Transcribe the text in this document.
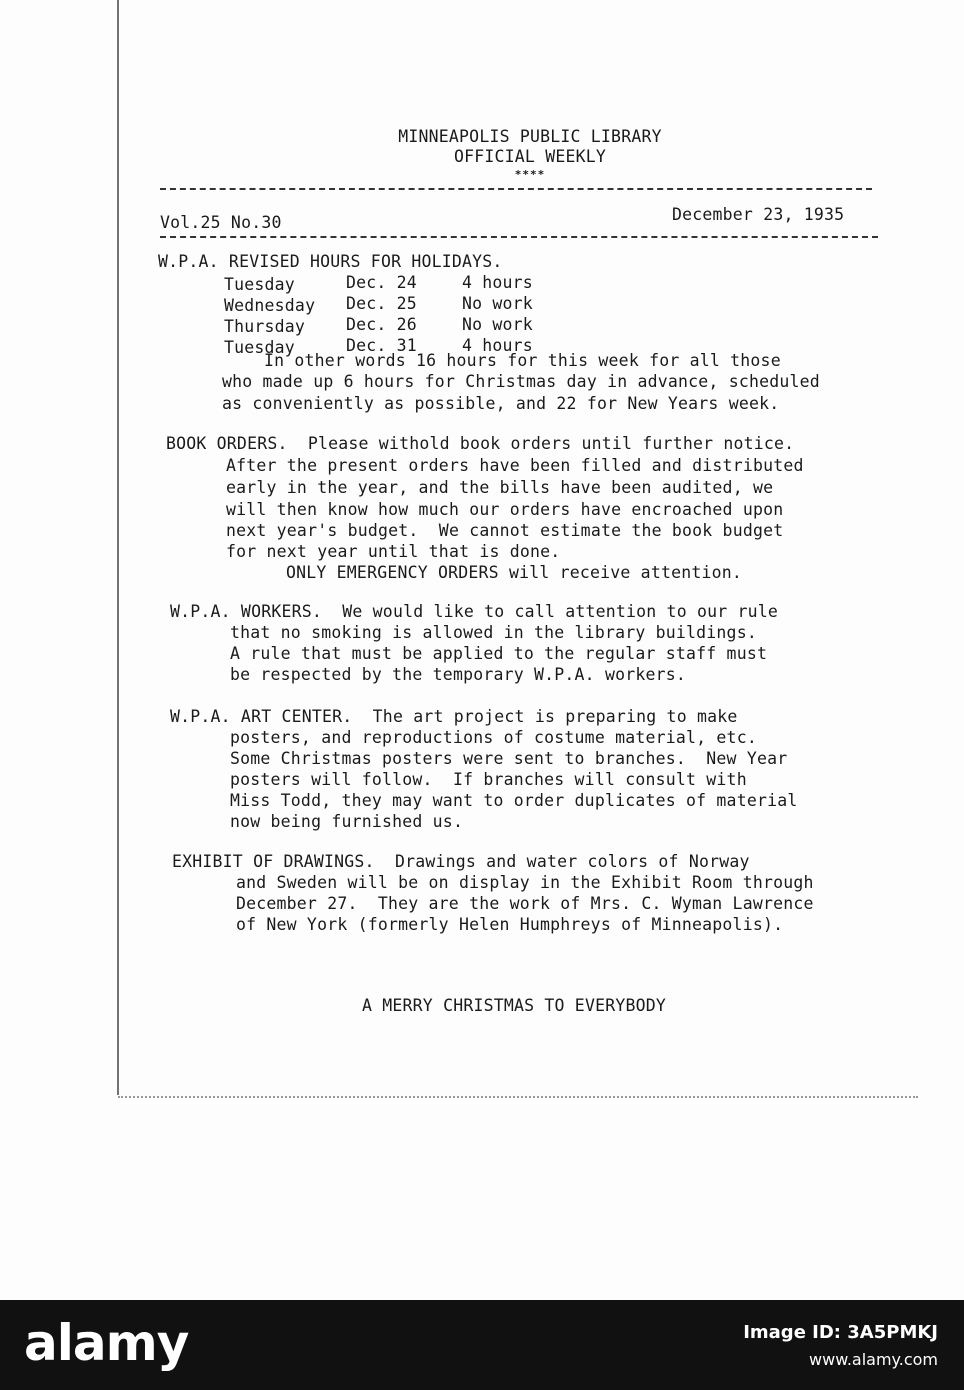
MINNEAPOLIS PUBLIC LIBRARY
OFFICIAL WEEKLY
****
Vol.25 No.30	December 23, 1935
W.P.A. REVISED HOURS FOR HOLIDAYS.
Tuesday	Dec. 24	4 hours
Wednesday Dec. 25	No work
Thursday Dec. 26	No work
Tuesday	Dec. 31	4 hours
In other words 16 hours for this week for all those
who made up 6 hours for Christmas day in advance, scheduled
as conveniently as possible, and 22 for New Years week.
BOOK ORDERS.  Please withold book orders until further notice.
After the present orders have been filled and distributed
early in the year, and the bills have been audited, we
will then know how much our orders have encroached upon
next year's budget.  We cannot estimate the book budget
for next year until that is done.
ONLY EMERGENCY ORDERS will receive attention.
W.P.A. WORKERS.  We would like to call attention to our rule
that no smoking is allowed in the library buildings.
A rule that must be applied to the regular staff must
be respected by the temporary W.P.A. workers.
W.P.A. ART CENTER.  The art project is preparing to make
posters, and reproductions of costume material, etc.
Some Christmas posters were sent to branches.  New Year
posters will follow.  If branches will consult with
Miss Todd, they may want to order duplicates of material
now being furnished us.
EXHIBIT OF DRAWINGS.  Drawings and water colors of Norway
and Sweden will be on display in the Exhibit Room through
December 27.  They are the work of Mrs. C. Wyman Lawrence
of New York (formerly Helen Humphreys of Minneapolis).
A MERRY CHRISTMAS TO EVERYBODY
alamy	Image ID: 3A5PMKJ
www.alamy.com
